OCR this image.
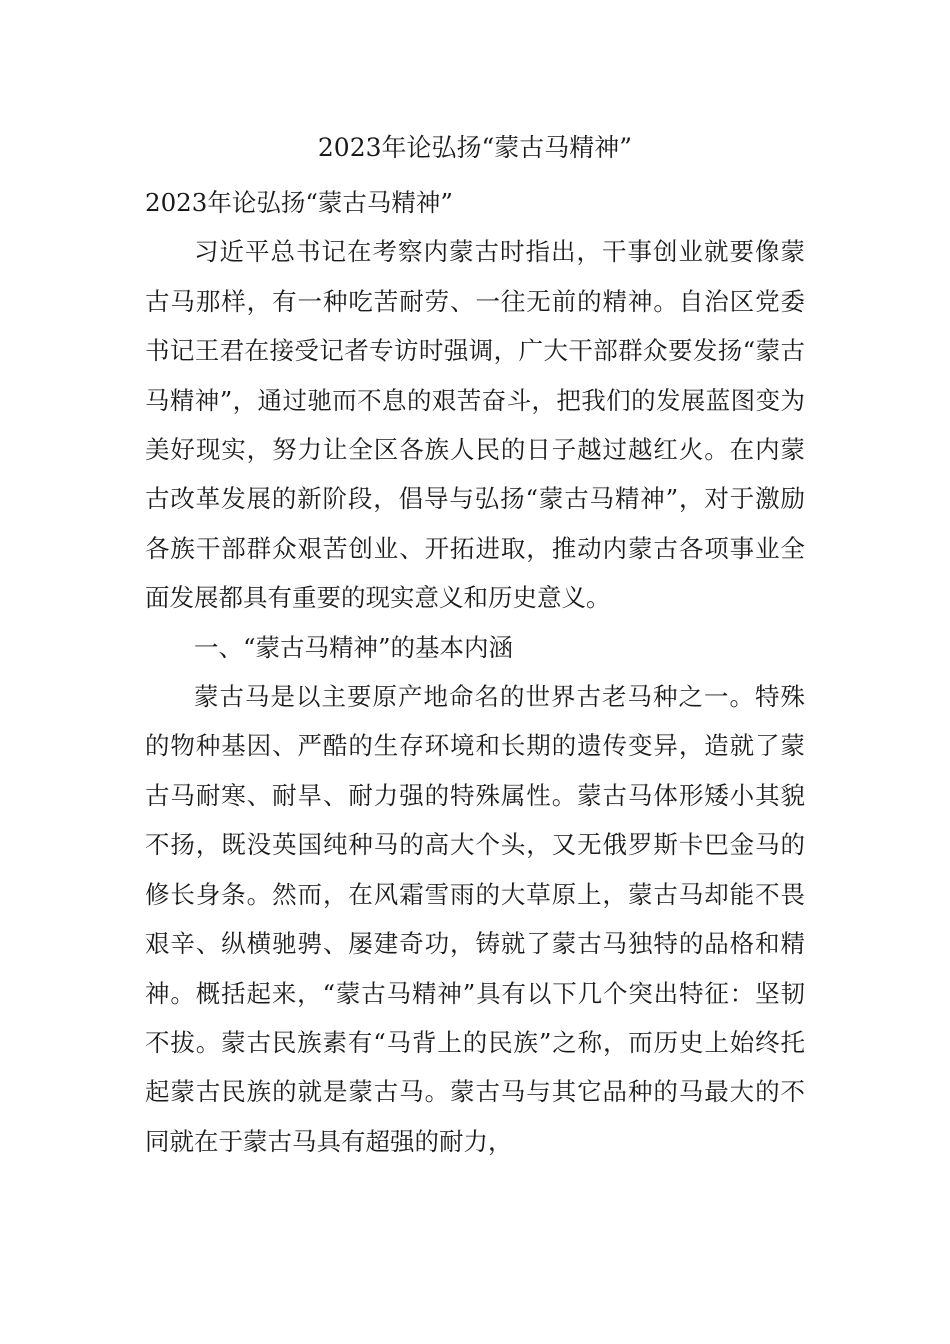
2023年论弘扬“蒙古马精神”

2023年论弘扬“蒙古马精神”

习近平总书记在考察内蒙古时指出，干事创业就要像蒙古马那样，有一种吃苦耐劳、一往无前的精神。自治区党委书记王君在接受记者专访时强调，广大干部群众要发扬“蒙古马精神”，通过驰而不息的艰苦奋斗，把我们的发展蓝图变为美好现实，努力让全区各族人民的日子越过越红火。在内蒙古改革发展的新阶段，倡导与弘扬“蒙古马精神”，对于激励各族干部群众艰苦创业、开拓进取，推动内蒙古各项事业全面发展都具有重要的现实意义和历史意义。

一、“蒙古马精神”的基本内涵

蒙古马是以主要原产地命名的世界古老马种之一。特殊的物种基因、严酷的生存环境和长期的遗传变异，造就了蒙古马耐寒、耐旱、耐力强的特殊属性。蒙古马体形矮小其貌不扬，既没英国纯种马的高大个头，又无俄罗斯卡巴金马的修长身条。然而，在风霜雪雨的大草原上，蒙古马却能不畏艰辛、纵横驰骋、屡建奇功，铸就了蒙古马独特的品格和精神。概括起来，“蒙古马精神”具有以下几个突出特征：坚韧不拔。蒙古民族素有“马背上的民族”之称，而历史上始终托起蒙古民族的就是蒙古马。蒙古马与其它品种的马最大的不同就在于蒙古马具有超强的耐力，
